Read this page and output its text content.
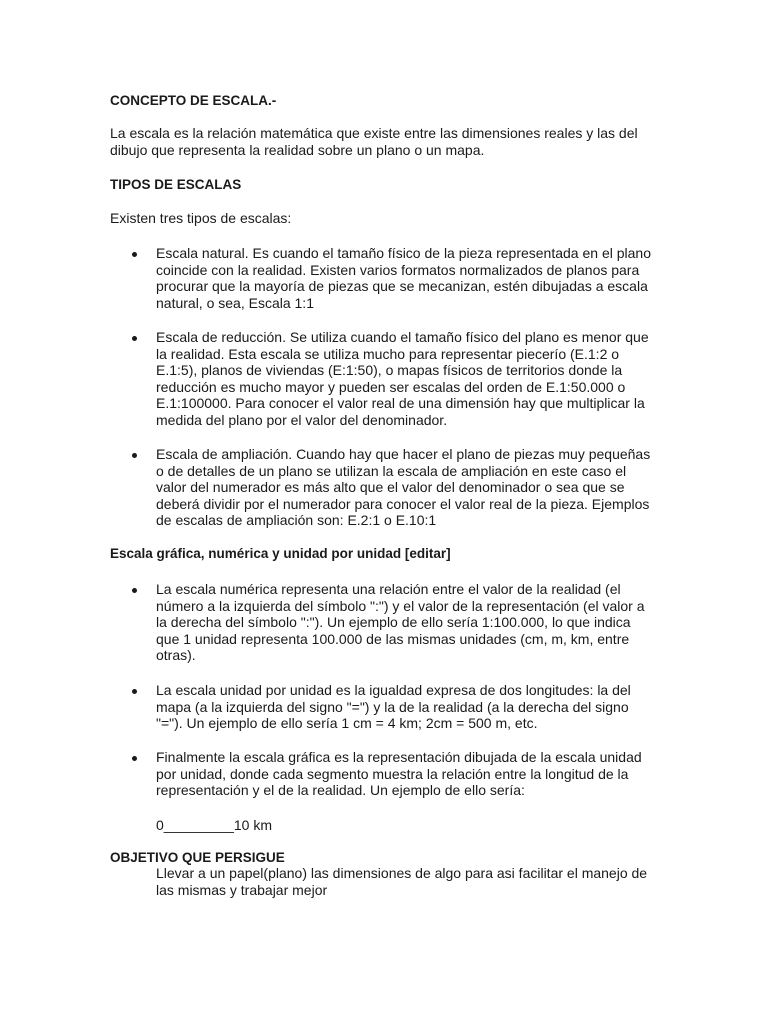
CONCEPTO DE ESCALA.-
La escala es la relación matemática que existe entre las dimensiones reales y las del
dibujo que representa la realidad sobre un plano o un mapa.
TIPOS DE ESCALAS
Existen tres tipos de escalas:
Escala natural. Es cuando el tamaño físico de la pieza representada en el plano
coincide con la realidad. Existen varios formatos normalizados de planos para
procurar que la mayoría de piezas que se mecanizan, estén dibujadas a escala
natural, o sea, Escala 1:1
Escala de reducción. Se utiliza cuando el tamaño físico del plano es menor que
la realidad. Esta escala se utiliza mucho para representar piecerío (E.1:2 o
E.1:5), planos de viviendas (E:1:50), o mapas físicos de territorios donde la
reducción es mucho mayor y pueden ser escalas del orden de E.1:50.000 o
E.1:100000. Para conocer el valor real de una dimensión hay que multiplicar la
medida del plano por el valor del denominador.
Escala de ampliación. Cuando hay que hacer el plano de piezas muy pequeñas
o de detalles de un plano se utilizan la escala de ampliación en este caso el
valor del numerador es más alto que el valor del denominador o sea que se
deberá dividir por el numerador para conocer el valor real de la pieza. Ejemplos
de escalas de ampliación son: E.2:1 o E.10:1
Escala gráfica, numérica y unidad por unidad [editar]
La escala numérica representa una relación entre el valor de la realidad (el
número a la izquierda del símbolo ":") y el valor de la representación (el valor a
la derecha del símbolo ":"). Un ejemplo de ello sería 1:100.000, lo que indica
que 1 unidad representa 100.000 de las mismas unidades (cm, m, km, entre
otras).
La escala unidad por unidad es la igualdad expresa de dos longitudes: la del
mapa (a la izquierda del signo "=") y la de la realidad (a la derecha del signo
"="). Un ejemplo de ello sería 1 cm = 4 km; 2cm = 500 m, etc.
Finalmente la escala gráfica es la representación dibujada de la escala unidad
por unidad, donde cada segmento muestra la relación entre la longitud de la
representación y el de la realidad. Un ejemplo de ello sería:
0_________10 km
OBJETIVO QUE PERSIGUE
Llevar a un papel(plano) las dimensiones de algo para asi facilitar el manejo de
las mismas y trabajar mejor
